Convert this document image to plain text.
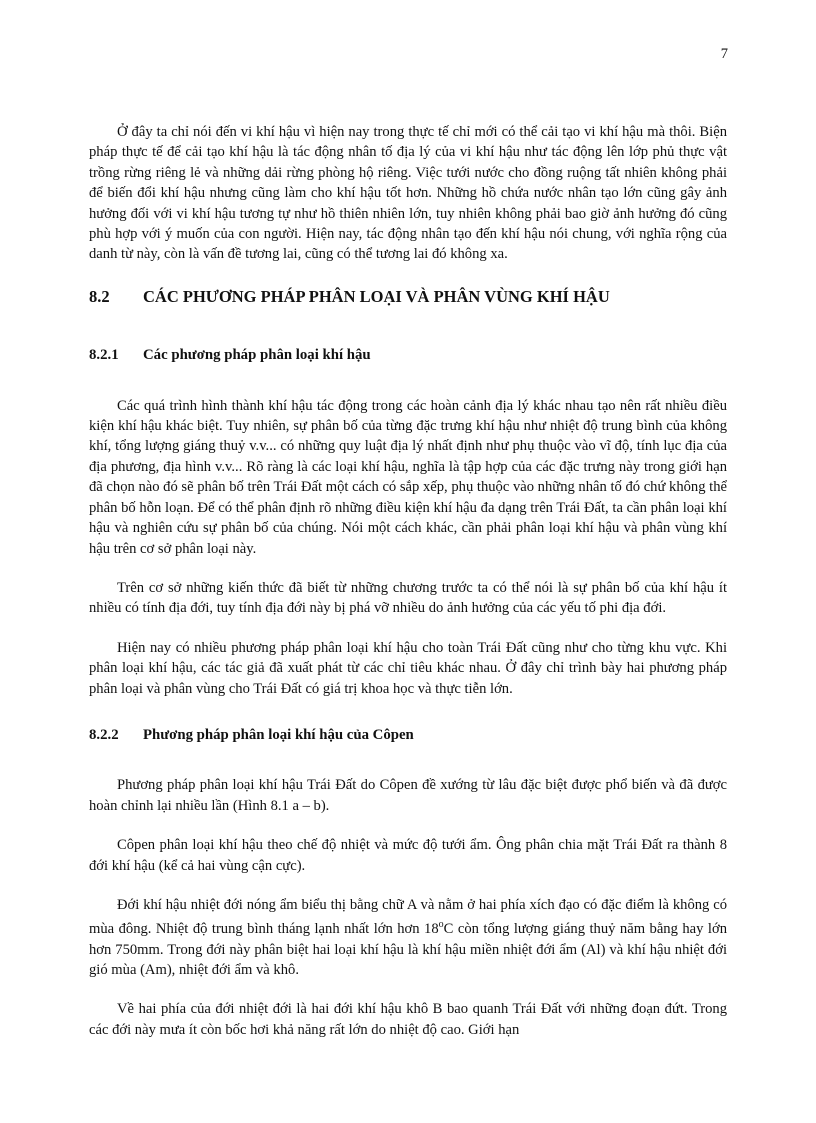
7

Ở đây ta chỉ nói đến vi khí hậu vì hiện nay trong thực tế chỉ mới có thể cải tạo vi khí hậu mà thôi. Biện pháp thực tế để cải tạo khí hậu là tác động nhân tố địa lý của vi khí hậu như tác động lên lớp phủ thực vật trồng rừng riêng lẻ và những dải rừng phòng hộ riêng. Việc tưới nước cho đồng ruộng tất nhiên không phải để biến đổi khí hậu nhưng cũng làm cho khí hậu tốt hơn. Những hồ chứa nước nhân tạo lớn cũng gây ảnh hưởng đối với vi khí hậu tương tự như hồ thiên nhiên lớn, tuy nhiên không phải bao giờ ảnh hưởng đó cũng phù hợp với ý muốn của con người. Hiện nay, tác động nhân tạo đến khí hậu nói chung, với nghĩa rộng của danh từ này, còn là vấn đề tương lai, cũng có thể tương lai đó không xa.

8.2	CÁC PHƯƠNG PHÁP PHÂN LOẠI VÀ PHÂN VÙNG KHÍ HẬU
8.2.1	Các phương pháp phân loại khí hậu

Các quá trình hình thành khí hậu tác động trong các hoàn cảnh địa lý khác nhau tạo nên rất nhiều điều kiện khí hậu khác biệt. Tuy nhiên, sự phân bố của từng đặc trưng khí hậu như nhiệt độ trung bình của không khí, tổng lượng giáng thuỷ v.v... có những quy luật địa lý nhất định như phụ thuộc vào vĩ độ, tính lục địa của địa phương, địa hình v.v... Rõ ràng là các loại khí hậu, nghĩa là tập hợp của các đặc trưng này trong giới hạn đã chọn nào đó sẽ phân bố trên Trái Đất một cách có sắp xếp, phụ thuộc vào những nhân tố đó chứ không thể phân bố hỗn loạn. Để có thể phân định rõ những điều kiện khí hậu đa dạng trên Trái Đất, ta cần phân loại khí hậu và nghiên cứu sự phân bố của chúng. Nói một cách khác, cần phải phân loại khí hậu và phân vùng khí hậu trên cơ sở phân loại này.

Trên cơ sở những kiến thức đã biết từ những chương trước ta có thể nói là sự phân bố của khí hậu ít nhiều có tính địa đới, tuy tính địa đới này bị phá vỡ nhiều do ảnh hưởng của các yếu tố phi địa đới.

Hiện nay có nhiều phương pháp phân loại khí hậu cho toàn Trái Đất cũng như cho từng khu vực. Khi phân loại khí hậu, các tác giả đã xuất phát từ các chỉ tiêu khác nhau. Ở đây chỉ trình bày hai phương pháp phân loại và phân vùng cho Trái Đất có giá trị khoa học và thực tiễn lớn.

8.2.2	Phương pháp phân loại khí hậu của Côpen

Phương pháp phân loại khí hậu Trái Đất do Côpen đề xướng từ lâu đặc biệt được phổ biến và đã được hoàn chỉnh lại nhiều lần (Hình 8.1 a – b).

Côpen phân loại khí hậu theo chế độ nhiệt và mức độ tưới ẩm. Ông phân chia mặt Trái Đất ra thành 8 đới khí hậu (kể cả hai vùng cận cực).

Đới khí hậu nhiệt đới nóng ẩm biểu thị bằng chữ A và nằm ở hai phía xích đạo có đặc điểm là không có mùa đông. Nhiệt độ trung bình tháng lạnh nhất lớn hơn 18$^o$C còn tổng lượng giáng thuỷ năm bằng hay lớn hơn 750mm. Trong đới này phân biệt hai loại khí hậu là khí hậu miền nhiệt đới ẩm (Al) và khí hậu nhiệt đới gió mùa (Am), nhiệt đới ẩm và khô.

Về hai phía của đới nhiệt đới là hai đới khí hậu khô B bao quanh Trái Đất với những đoạn đứt. Trong các đới này mưa ít còn bốc hơi khả năng rất lớn do nhiệt độ cao. Giới hạn
